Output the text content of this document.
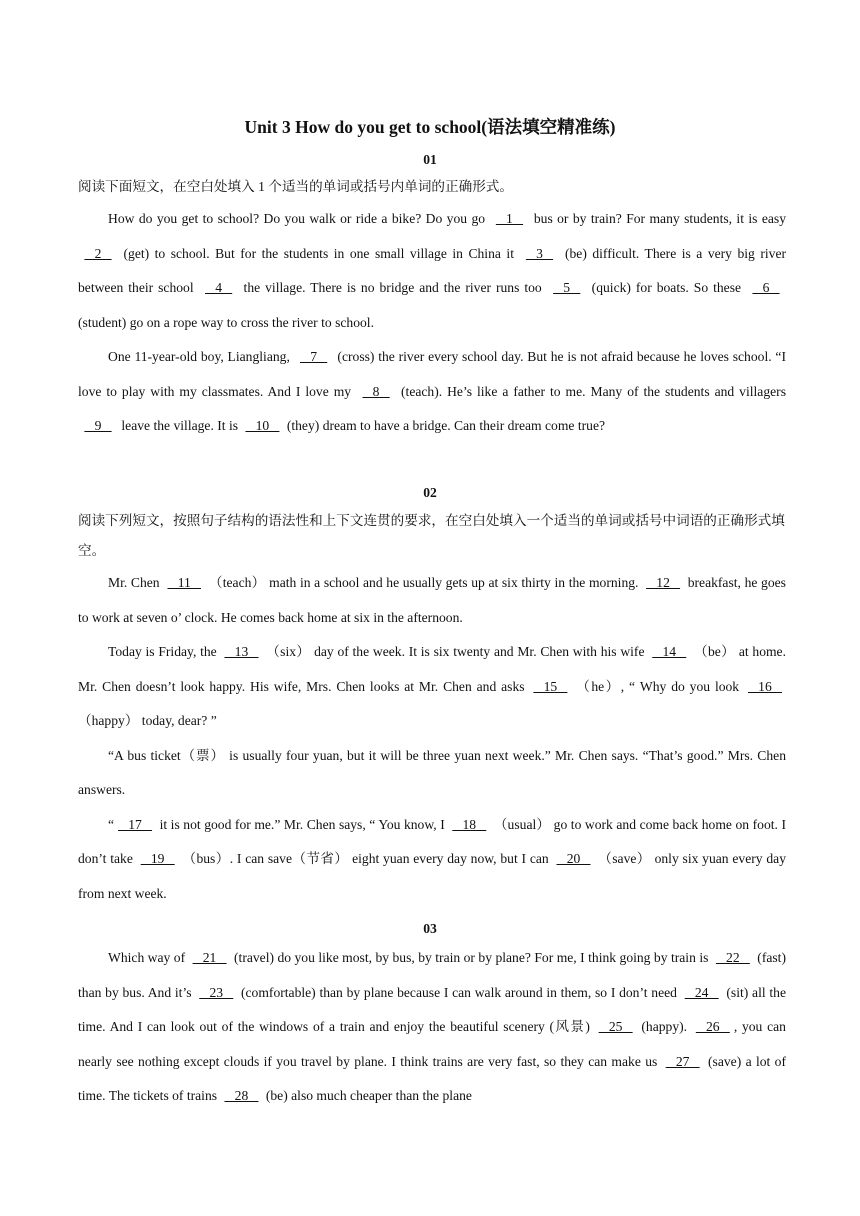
Unit 3 How do you get to school(语法填空精准练)
01

阅读下面短文，在空白处填入 1 个适当的单词或括号内单词的正确形式。

How do you get to school? Do you walk or ride a bike? Do you go    1    bus or by train? For many students, it is easy    2    (get) to school. But for the students in one small village in China it    3    (be) difficult. There is a very big river between their school    4    the village. There is no bridge and the river runs too    5    (quick) for boats. So these    6    (student) go on a rope way to cross the river to school.

One 11-year-old boy, Liangliang,    7    (cross) the river every school day. But he is not afraid because he loves school. “I love to play with my classmates. And I love my    8    (teach). He’s like a father to me. Many of the students and villagers    9    leave the village. It is    10    (they) dream to have a bridge. Can their dream come true?

02

阅读下列短文，按照句子结构的语法性和上下文连贯的要求，在空白处填入一个适当的单词或括号中词语的正确形式填空。

Mr. Chen    11    （teach） math in a school and he usually gets up at six thirty in the morning.    12    breakfast, he goes to work at seven o’ clock. He comes back home at six in the afternoon.

Today is Friday, the    13    （six） day of the week. It is six twenty and Mr. Chen with his wife    14    （be） at home. Mr. Chen doesn’t look happy. His wife, Mrs. Chen looks at Mr. Chen and asks    15    （he）, “ Why do you look    16    （happy） today, dear? ”

“A bus ticket（票） is usually four yuan, but it will be three yuan next week.” Mr. Chen says. “That’s good.” Mrs. Chen answers.

“   17    it is not good for me.” Mr. Chen says, “ You know, I    18    （usual） go to work and come back home on foot. I don’t take    19    （bus）. I can save（节省） eight yuan every day now, but I can    20    （save） only six yuan every day from next week.

03

Which way of    21    (travel) do you like most, by bus, by train or by plane? For me, I think going by train is    22    (fast) than by bus. And it’s    23    (comfortable) than by plane because I can walk around in them, so I don’t need    24    (sit) all the time. And I can look out of the windows of a train and enjoy the beautiful scenery (风景)    25    (happy).    26   , you can nearly see nothing except clouds if you travel by plane. I think trains are very fast, so they can make us    27    (save) a lot of time. The tickets of trains    28    (be) also much cheaper than the plane
